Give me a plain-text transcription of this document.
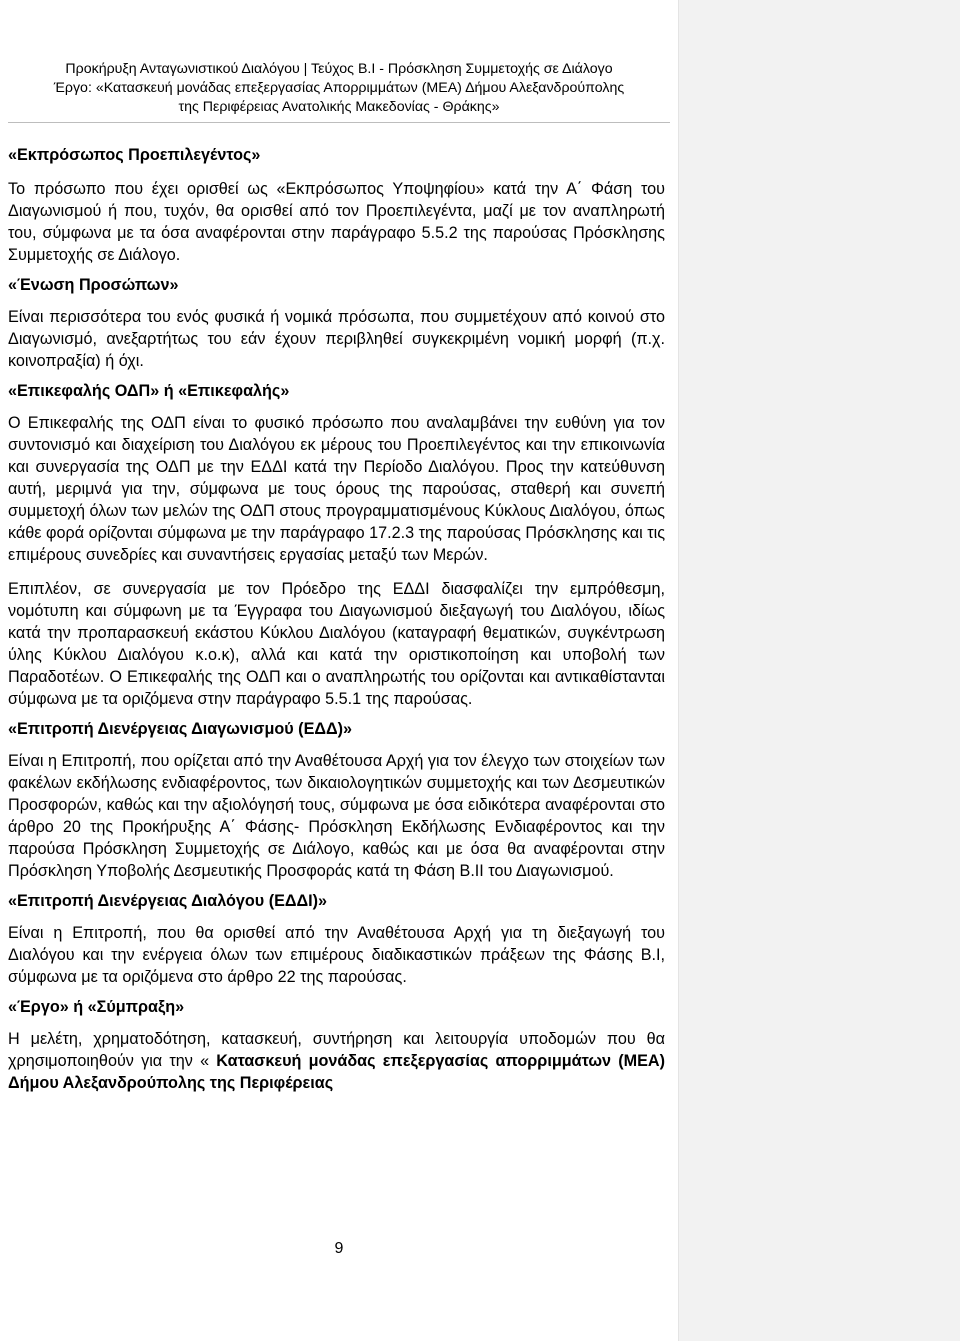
Προκήρυξη Ανταγωνιστικού Διαλόγου | Τεύχος Β.Ι - Πρόσκληση Συμμετοχής σε Διάλογο
Έργο: «Κατασκευή μονάδας επεξεργασίας Απορριμμάτων (ΜΕΑ) Δήμου Αλεξανδρούπολης
της Περιφέρειας Ανατολικής Μακεδονίας - Θράκης»
«Εκπρόσωπος Προεπιλεγέντος»

Το πρόσωπο που έχει ορισθεί ως «Εκπρόσωπος Υποψηφίου» κατά την Α΄ Φάση του Διαγωνισμού ή που, τυχόν, θα ορισθεί από τον Προεπιλεγέντα, μαζί με τον αναπληρωτή του, σύμφωνα με τα όσα αναφέρονται στην παράγραφο 5.5.2 της παρούσας Πρόσκλησης Συμμετοχής σε Διάλογο.

«Ένωση Προσώπων»

Είναι περισσότερα του ενός φυσικά ή νομικά πρόσωπα, που συμμετέχουν από κοινού στο Διαγωνισμό, ανεξαρτήτως του εάν έχουν περιβληθεί συγκεκριμένη νομική μορφή (π.χ. κοινοπραξία) ή όχι.

«Επικεφαλής ΟΔΠ» ή «Επικεφαλής»

Ο Επικεφαλής της ΟΔΠ είναι το φυσικό πρόσωπο που αναλαμβάνει την ευθύνη για τον συντονισμό και διαχείριση του Διαλόγου εκ μέρους του Προεπιλεγέντος και την επικοινωνία και συνεργασία της ΟΔΠ με την ΕΔΔΙ κατά την Περίοδο Διαλόγου. Προς την κατεύθυνση αυτή, μεριμνά για την, σύμφωνα με τους όρους της παρούσας, σταθερή και συνεπή συμμετοχή όλων των μελών της ΟΔΠ στους προγραμματισμένους Κύκλους Διαλόγου, όπως κάθε φορά ορίζονται σύμφωνα με την παράγραφο 17.2.3 της παρούσας Πρόσκλησης και τις επιμέρους συνεδρίες και συναντήσεις εργασίας μεταξύ των Μερών.

Επιπλέον, σε συνεργασία με τον Πρόεδρο της ΕΔΔΙ διασφαλίζει την εμπρόθεσμη, νομότυπη και σύμφωνη με τα Έγγραφα του Διαγωνισμού διεξαγωγή του Διαλόγου, ιδίως κατά την προπαρασκευή εκάστου Κύκλου Διαλόγου (καταγραφή θεματικών, συγκέντρωση ύλης Κύκλου Διαλόγου κ.ο.κ), αλλά και κατά την οριστικοποίηση και υποβολή των Παραδοτέων. Ο Επικεφαλής της ΟΔΠ και ο αναπληρωτής του ορίζονται και αντικαθίστανται σύμφωνα με τα οριζόμενα στην παράγραφο 5.5.1 της παρούσας.

«Επιτροπή Διενέργειας Διαγωνισμού (ΕΔΔ)»

Είναι η Επιτροπή, που ορίζεται από την Αναθέτουσα Αρχή για τον έλεγχο των στοιχείων των φακέλων εκδήλωσης ενδιαφέροντος, των δικαιολογητικών συμμετοχής και των Δεσμευτικών Προσφορών, καθώς και την αξιολόγησή τους, σύμφωνα με όσα ειδικότερα αναφέρονται στο άρθρο 20 της Προκήρυξης Α΄ Φάσης- Πρόσκληση Εκδήλωσης Ενδιαφέροντος και την παρούσα Πρόσκληση Συμμετοχής σε Διάλογο, καθώς και με όσα θα αναφέρονται στην Πρόσκληση Υποβολής Δεσμευτικής Προσφοράς κατά τη Φάση Β.ΙΙ του Διαγωνισμού.

«Επιτροπή Διενέργειας Διαλόγου (ΕΔΔΙ)»

Είναι η Επιτροπή, που θα ορισθεί από την Αναθέτουσα Αρχή για τη διεξαγωγή του Διαλόγου και την ενέργεια όλων των επιμέρους διαδικαστικών πράξεων της Φάσης Β.Ι, σύμφωνα με τα οριζόμενα στο άρθρο 22 της παρούσας.

«Έργο» ή «Σύμπραξη»

Η μελέτη, χρηματοδότηση, κατασκευή, συντήρηση και λειτουργία υποδομών που θα χρησιμοποιηθούν για την « Κατασκευή μονάδας επεξεργασίας απορριμμάτων (ΜΕΑ) Δήμου Αλεξανδρούπολης της Περιφέρειας

9
